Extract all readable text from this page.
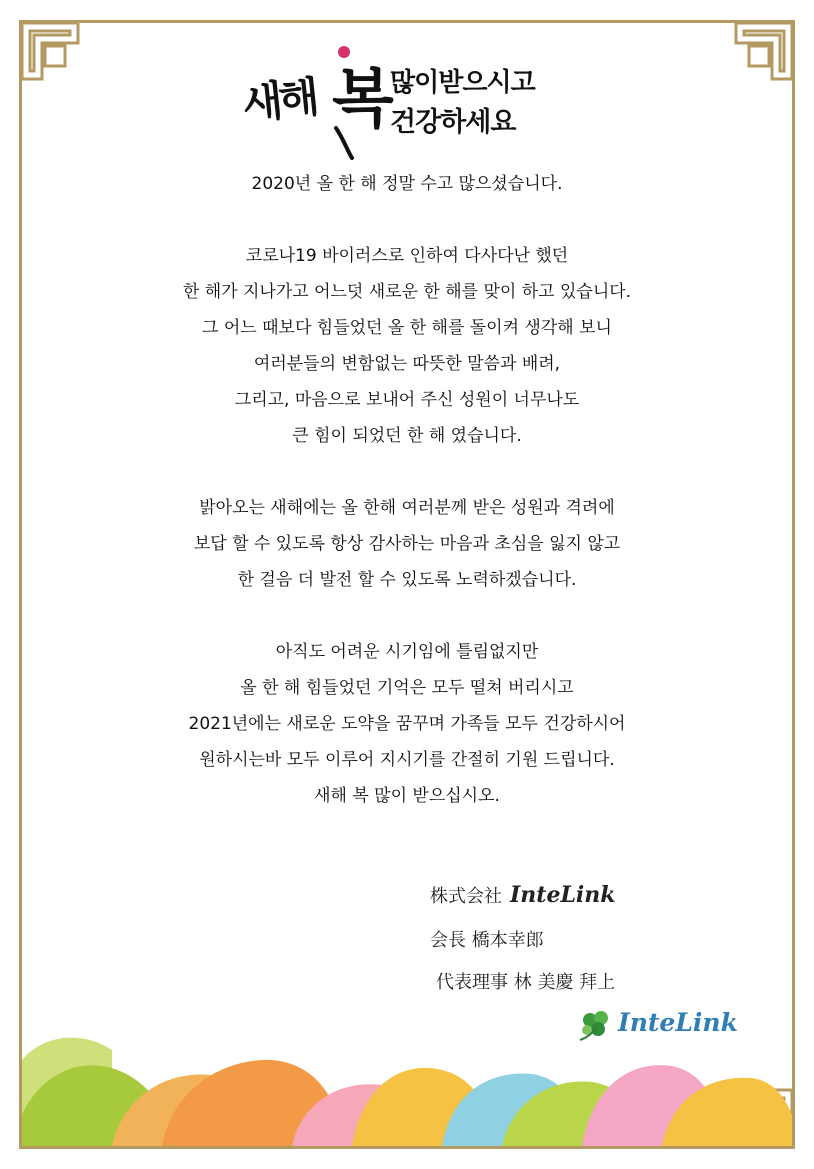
새해 복

많이받으시고

건강하세요

2020년 올 한 해 정말 수고 많으셨습니다.

코로나19 바이러스로 인하여 다사다난 했던

한 해가 지나가고 어느덧 새로운 한 해를 맞이 하고 있습니다.

그 어느 때보다 힘들었던 올 한 해를 돌이켜 생각해 보니

여러분들의 변함없는 따뜻한 말씀과 배려,

그리고, 마음으로 보내어 주신 성원이 너무나도

큰 힘이 되었던 한 해 였습니다.

밝아오는 새해에는 올 한해 여러분께 받은 성원과 격려에

보답 할 수 있도록 항상 감사하는 마음과 초심을 잃지 않고

한 걸음 더 발전 할 수 있도록 노력하겠습니다.

아직도 어려운 시기임에 틀림없지만

올 한 해 힘들었던 기억은 모두 떨쳐 버리시고

2021년에는 새로운 도약을 꿈꾸며 가족들 모두 건강하시어

원하시는바 모두 이루어 지시기를 간절히 기원 드립니다.

새해 복 많이 받으십시오.

株式会社 InteLink
会長 橋本幸郎
代表理事 林 美慶 拜上
InteLink
